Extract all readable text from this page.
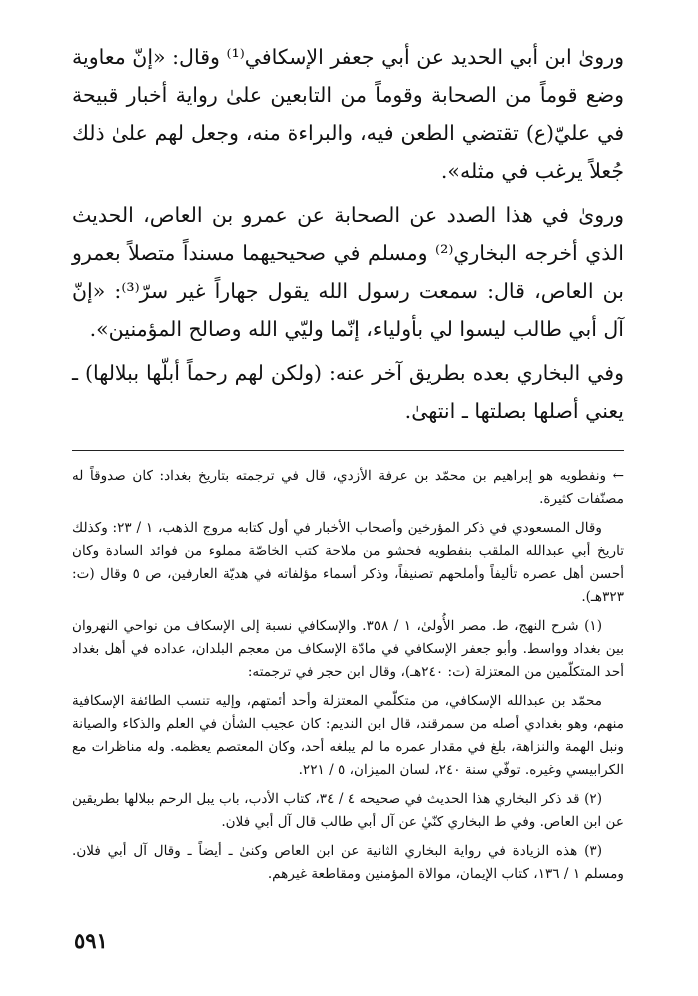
ورویٰ ابن أبي الحديد عن أبي جعفر الإسكافي⁽¹⁾ وقال: «إنّ معاوية وضع قوماً من الصحابة وقوماً من التابعين علىٰ رواية أخبار قبيحة في عليّ(ع) تقتضي الطعن فيه، والبراءة منه، وجعل لهم علىٰ ذلك جُعلاً يرغب في مثله».

ورویٰ في هذا الصدد عن الصحابة عن عمرو بن العاص، الحديث الذي أخرجه البخاري⁽²⁾ ومسلم في صحيحيهما مسنداً متصلاً بعمرو بن العاص، قال: سمعت رسول الله يقول جهاراً غير سرّ⁽³⁾: «إنّ آل أبي طالب ليسوا لي بأولياء، إنّما وليّي الله وصالح المؤمنين».

وفي البخاري بعده بطريق آخر عنه: (ولكن لهم رحماً أبلّها ببلالها) ـ يعني أصلها بصلتها ـ انتهىٰ.

← ونفطويه هو إبراهيم بن محمّد بن عرفة الأزدي، قال في ترجمته بتاريخ بغداد: كان صدوقاً له مصنّفات كثيرة.

وقال المسعودي في ذكر المؤرخين وأصحاب الأخبار في أول كتابه مروج الذهب، ١ / ٢٣: وكذلك تاريخ أبي عبدالله الملقب بنفطويه فحشو من ملاحة كتب الخاصّة مملوء من فوائد السادة وكان أحسن أهل عصره تأليفاً وأملحهم تصنيفاً، وذكر أسماء مؤلفاته في هديّة العارفين، ص ٥ وقال (ت: ٣٢٣هـ).

(١) شرح النهج، ط. مصر الأُولىٰ، ١ / ٣٥٨. والإسكافي نسبة إلى الإسكاف من نواحي النهروان بين بغداد وواسط. وأبو جعفر الإسكافي في مادّة الإسكاف من معجم البلدان، عداده في أهل بغداد أحد المتكلّمين من المعتزلة (ت: ٢٤٠هـ)، وقال ابن حجر في ترجمته:

محمّد بن عبدالله الإسكافي، من متكلّمي المعتزلة وأحد أئمتهم، وإليه تنسب الطائفة الإسكافية منهم، وهو بغدادي أصله من سمرقند، قال ابن النديم: كان عجيب الشأن في العلم والذكاء والصيانة ونبل الهمة والنزاهة، بلغ في مقدار عمره ما لم يبلغه أحد، وكان المعتصم يعظمه. وله مناظرات مع الكرابيسي وغيره. توفّي سنة ٢٤٠، لسان الميزان، ٥ / ٢٢١.

(٢) قد ذكر البخاري هذا الحديث في صحيحه ٤ / ٣٤، كتاب الأدب، باب يبل الرحم ببلالها بطريقين عن ابن العاص. وفي ط البخاري كنّيٰ عن آل أبي طالب قال آل أبي فلان.

(٣) هذه الزيادة في رواية البخاري الثانية عن ابن العاص وكنىٰ ـ أيضاً ـ وقال آل أبي فلان. ومسلم ١ / ١٣٦، كتاب الإيمان، موالاة المؤمنين ومقاطعة غيرهم.

٥٩١
